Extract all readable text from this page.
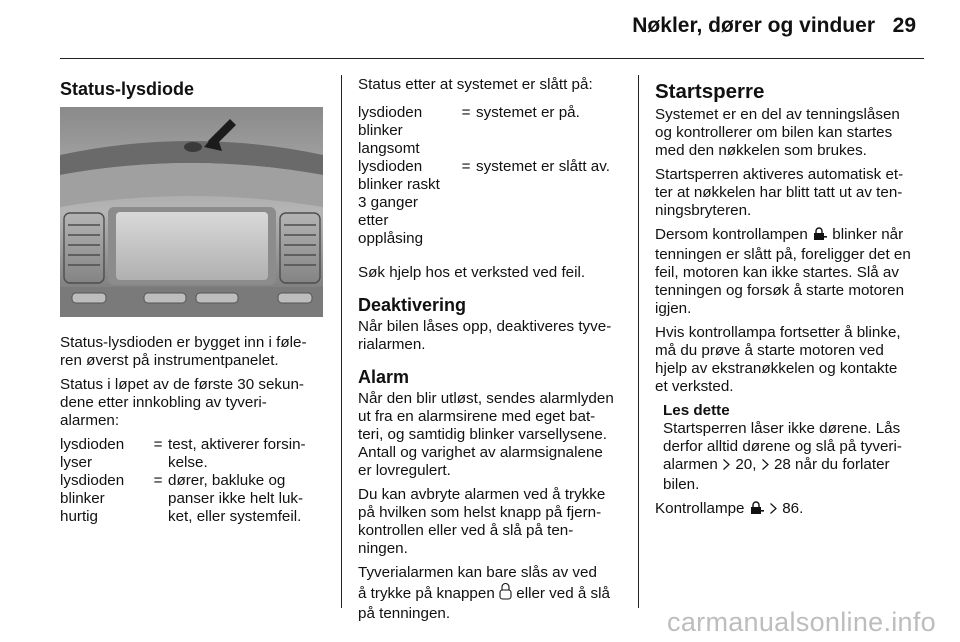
Nøkler, dører og vinduer 29
Status-lysdiode

Status-lysdioden er bygget inn i føle-
ren øverst på instrumentpanelet.

Status i løpet av de første 30 sekun-
dene etter innkobling av tyveri-
alarmen:

lysdioden
lyser
= test, aktiverer forsin-
kelse.
lysdioden
blinker
hurtig
= dører, bakluke og
panser ikke helt luk-
ket, eller systemfeil.

Status etter at systemet er slått på:

lysdioden
blinker
langsomt
= systemet er på.
lysdioden
blinker raskt
3 ganger
etter
opplåsing
= systemet er slått av.

Søk hjelp hos et verksted ved feil.

Deaktivering

Når bilen låses opp, deaktiveres tyve-
rialarmen.

Alarm

Når den blir utløst, sendes alarmlyden
ut fra en alarmsirene med eget bat-
teri, og samtidig blinker varsellysene.
Antall og varighet av alarmsignalene
er lovregulert.

Du kan avbryte alarmen ved å trykke
på hvilken som helst knapp på fjern-
kontrollen eller ved å slå på ten-
ningen.

Tyverialarmen kan bare slås av ved
å trykke på knappen eller ved å slå
på tenningen.

Startsperre

Systemet er en del av tenningslåsen
og kontrollerer om bilen kan startes
med den nøkkelen som brukes.

Startsperren aktiveres automatisk et-
ter at nøkkelen har blitt tatt ut av ten-
ningsbryteren.

Dersom kontrollampen blinker når
tenningen er slått på, foreligger det en
feil, motoren kan ikke startes. Slå av
tenningen og forsøk å starte motoren
igjen.

Hvis kontrollampa fortsetter å blinke,
må du prøve å starte motoren ved
hjelp av ekstranøkkelen og kontakte
et verksted.

Les dette
Startsperren låser ikke dørene. Lås
derfor alltid dørene og slå på tyveri-
alarmen 20, 28 når du forlater
bilen.

Kontrollampe 86.

carmanualsonline.info
